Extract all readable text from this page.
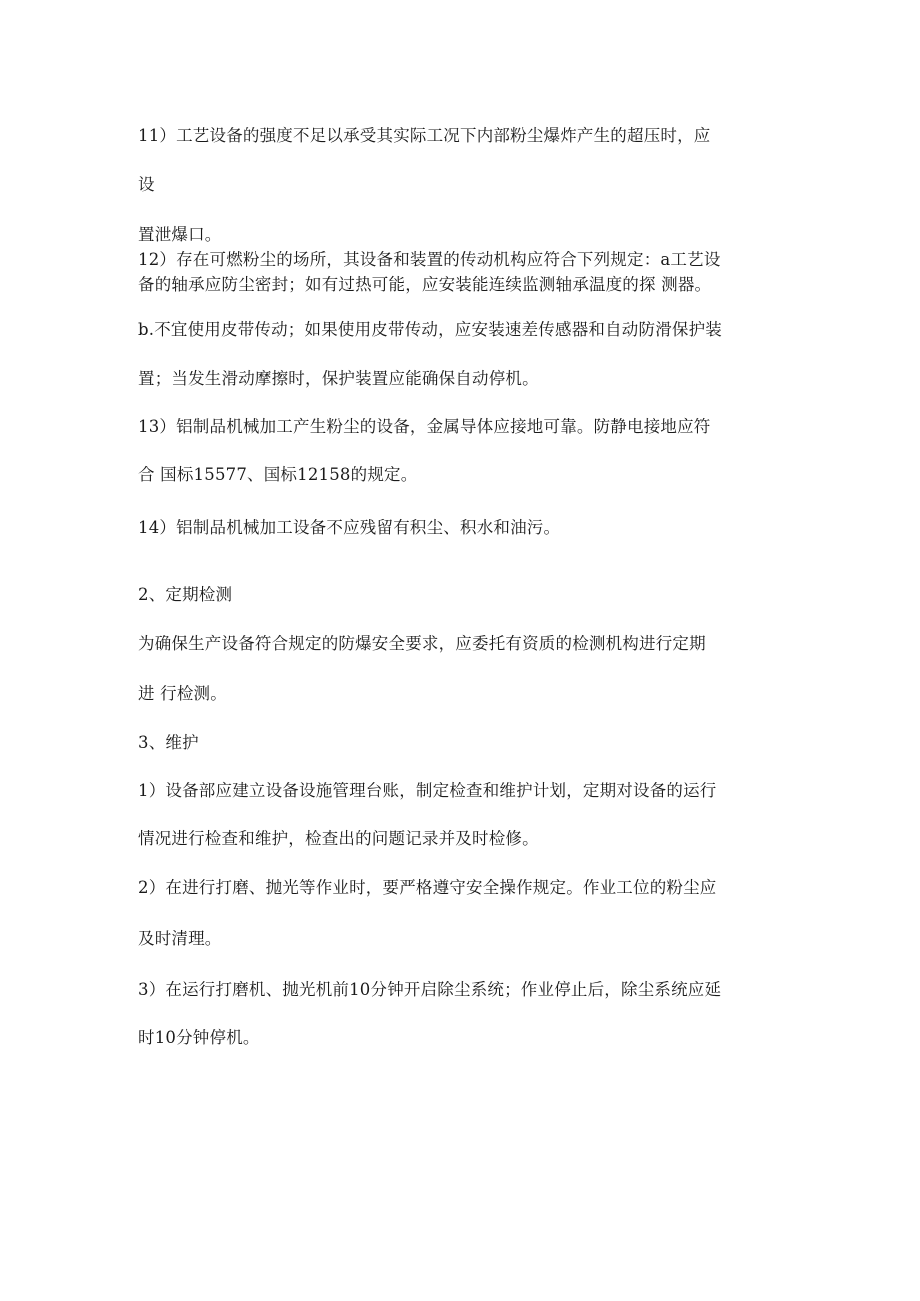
11）工艺设备的强度不足以承受其实际工况下内部粉尘爆炸产生的超压时，应
设
置泄爆口。
12）存在可燃粉尘的场所，其设备和装置的传动机构应符合下列规定：a工艺设
备的轴承应防尘密封；如有过热可能，应安装能连续监测轴承温度的探 测器。
b.不宜使用皮带传动；如果使用皮带传动，应安装速差传感器和自动防滑保护装
置；当发生滑动摩擦时，保护装置应能确保自动停机。
13）铝制品机械加工产生粉尘的设备，金属导体应接地可靠。防静电接地应符
合 国标15577、国标12158的规定。
14）铝制品机械加工设备不应残留有积尘、积水和油污。
2、定期检测
为确保生产设备符合规定的防爆安全要求，应委托有资质的检测机构进行定期
进 行检测。
3、维护
1）设备部应建立设备设施管理台账，制定检查和维护计划，定期对设备的运行
情况进行检查和维护，检查出的问题记录并及时检修。
2）在进行打磨、抛光等作业时，要严格遵守安全操作规定。作业工位的粉尘应
及时清理。
3）在运行打磨机、抛光机前10分钟开启除尘系统；作业停止后，除尘系统应延
时10分钟停机。
